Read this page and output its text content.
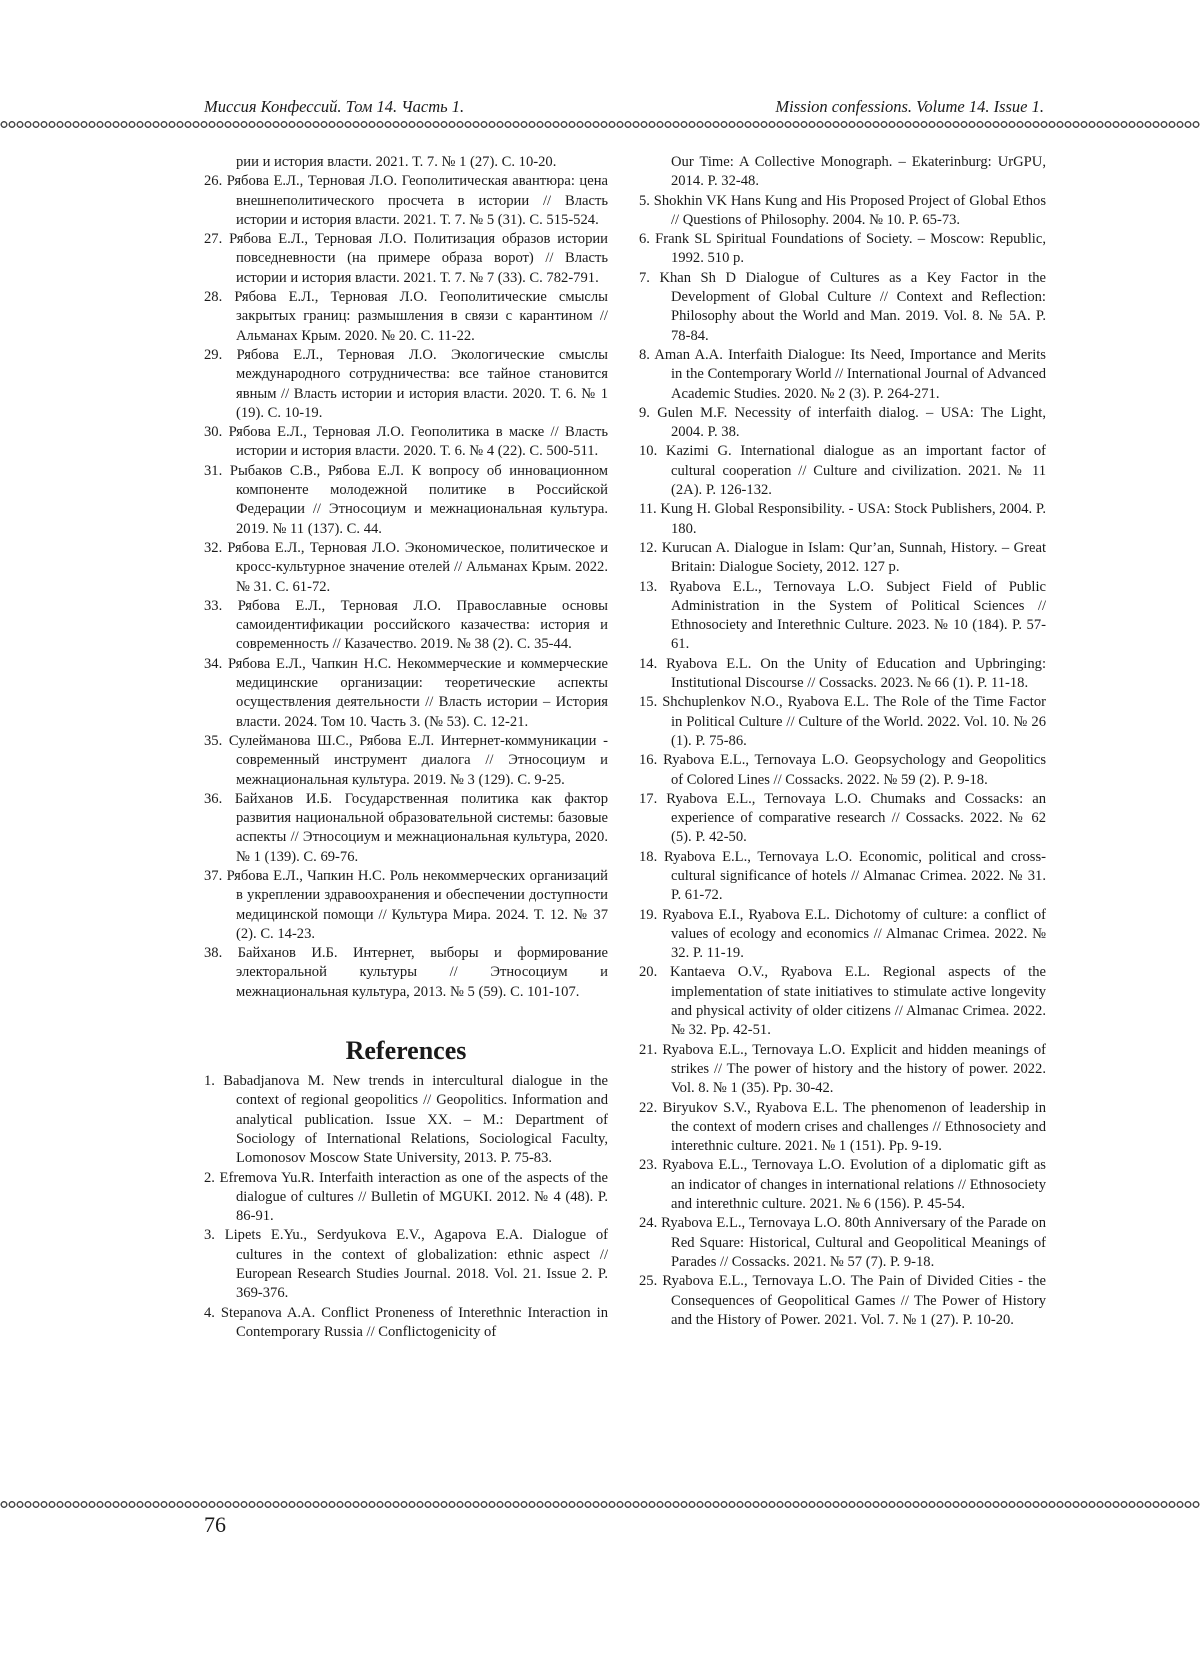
Миссия Конфессий. Том 14. Часть 1.	Mission confessions. Volume 14. Issue 1.

рии и история власти. 2021. Т. 7. № 1 (27). С. 10-20.

26. Рябова Е.Л., Терновая Л.О. Геополитическая авантюра: цена внешнеполитического просчета в истории // Власть истории и история власти. 2021. Т. 7. № 5 (31). С. 515-524.

27. Рябова Е.Л., Терновая Л.О. Политизация образов истории повседневности (на примере образа ворот) // Власть истории и история власти. 2021. Т. 7. № 7 (33). С. 782-791.

28. Рябова Е.Л., Терновая Л.О. Геополитические смыслы закрытых границ: размышления в связи с карантином // Альманах Крым. 2020. № 20. С. 11-22.

29. Рябова Е.Л., Терновая Л.О. Экологические смыслы международного сотрудничества: все тайное становится явным // Власть истории и история власти. 2020. Т. 6. № 1 (19). С. 10-19.

30. Рябова Е.Л., Терновая Л.О. Геополитика в маске // Власть истории и история власти. 2020. Т. 6. № 4 (22). С. 500-511.

31. Рыбаков С.В., Рябова Е.Л. К вопросу об инновационном компоненте молодежной политике в Российской Федерации // Этносоциум и межнациональная культура. 2019. № 11 (137). С. 44.

32. Рябова Е.Л., Терновая Л.О. Экономическое, политическое и кросс-культурное значение отелей // Альманах Крым. 2022. № 31. С. 61-72.

33. Рябова Е.Л., Терновая Л.О. Православные основы самоидентификации российского казачества: история и современность // Казачество. 2019. № 38 (2). С. 35-44.

34. Рябова Е.Л., Чапкин Н.С. Некоммерческие и коммерческие медицинские организации: теоретические аспекты осуществления деятельности // Власть истории – История власти. 2024. Том 10. Часть 3. (№ 53). С. 12-21.

35. Сулейманова Ш.С., Рябова Е.Л. Интернет-коммуникации - современный инструмент диалога // Этносоциум и межнациональная культура. 2019. № 3 (129). С. 9-25.

36. Байханов И.Б. Государственная политика как фактор развития национальной образовательной системы: базовые аспекты // Этносоциум и межнациональная культура, 2020. № 1 (139). С. 69-76.

37. Рябова Е.Л., Чапкин Н.С. Роль некоммерческих организаций в укреплении здравоохранения и обеспечении доступности медицинской помощи // Культура Мира. 2024. Т. 12. № 37 (2). С. 14-23.

38. Байханов И.Б. Интернет, выборы и формирование электоральной культуры // Этносоциум и межнациональная культура, 2013. № 5 (59). С. 101-107.

References

1. Babadjanova M. New trends in intercultural dialogue in the context of regional geopolitics // Geopolitics. Information and analytical publication. Issue XX. – M.: Department of Sociology of International Relations, Sociological Faculty, Lomonosov Moscow State University, 2013. P. 75-83.

2. Efremova Yu.R. Interfaith interaction as one of the aspects of the dialogue of cultures // Bulletin of MGUKI. 2012. № 4 (48). P. 86-91.

3. Lipets E.Yu., Serdyukova E.V., Agapova E.A. Dialogue of cultures in the context of globalization: ethnic aspect // European Research Studies Journal. 2018. Vol. 21. Issue 2. P. 369-376.

4. Stepanova A.A. Conflict Proneness of Interethnic Interaction in Contemporary Russia // Conflictogenicity of

Our Time: A Collective Monograph. – Ekaterinburg: UrGPU, 2014. P. 32-48.

5. Shokhin VK Hans Kung and His Proposed Project of Global Ethos // Questions of Philosophy. 2004. № 10. P. 65-73.

6. Frank SL Spiritual Foundations of Society. – Moscow: Republic, 1992. 510 p.

7. Khan Sh D Dialogue of Cultures as a Key Factor in the Development of Global Culture // Context and Reflection: Philosophy about the World and Man. 2019. Vol. 8. № 5A. P. 78-84.

8. Aman A.A. Interfaith Dialogue: Its Need, Importance and Merits in the Contemporary World // International Journal of Advanced Academic Studies. 2020. № 2 (3). P. 264-271.

9. Gulen M.F. Necessity of interfaith dialog. – USA: The Light, 2004. P. 38.

10. Kazimi G. International dialogue as an important factor of cultural cooperation // Culture and civilization. 2021. № 11 (2A). P. 126-132.

11. Kung H. Global Responsibility. - USA: Stock Publishers, 2004. P. 180.

12. Kurucan A. Dialogue in Islam: Qur’an, Sunnah, History. – Great Britain: Dialogue Society, 2012. 127 p.

13. Ryabova E.L., Ternovaya L.O. Subject Field of Public Administration in the System of Political Sciences // Ethnosociety and Interethnic Culture. 2023. № 10 (184). P. 57-61.

14. Ryabova E.L. On the Unity of Education and Upbringing: Institutional Discourse // Cossacks. 2023. № 66 (1). P. 11-18.

15. Shchuplenkov N.O., Ryabova E.L. The Role of the Time Factor in Political Culture // Culture of the World. 2022. Vol. 10. № 26 (1). P. 75-86.

16. Ryabova E.L., Ternovaya L.O. Geopsychology and Geopolitics of Colored Lines // Cossacks. 2022. № 59 (2). P. 9-18.

17. Ryabova E.L., Ternovaya L.O. Chumaks and Cossacks: an experience of comparative research // Cossacks. 2022. № 62 (5). P. 42-50.

18. Ryabova E.L., Ternovaya L.O. Economic, political and cross-cultural significance of hotels // Almanac Crimea. 2022. № 31. P. 61-72.

19. Ryabova E.I., Ryabova E.L. Dichotomy of culture: a conflict of values of ecology and economics // Almanac Crimea. 2022. № 32. P. 11-19.

20. Kantaeva O.V., Ryabova E.L. Regional aspects of the implementation of state initiatives to stimulate active longevity and physical activity of older citizens // Almanac Crimea. 2022. № 32. Pp. 42-51.

21. Ryabova E.L., Ternovaya L.O. Explicit and hidden meanings of strikes // The power of history and the history of power. 2022. Vol. 8. № 1 (35). Pp. 30-42.

22. Biryukov S.V., Ryabova E.L. The phenomenon of leadership in the context of modern crises and challenges // Ethnosociety and interethnic culture. 2021. № 1 (151). Pp. 9-19.

23. Ryabova E.L., Ternovaya L.O. Evolution of a diplomatic gift as an indicator of changes in international relations // Ethnosociety and interethnic culture. 2021. № 6 (156). P. 45-54.

24. Ryabova E.L., Ternovaya L.O. 80th Anniversary of the Parade on Red Square: Historical, Cultural and Geopolitical Meanings of Parades // Cossacks. 2021. № 57 (7). P. 9-18.

25. Ryabova E.L., Ternovaya L.O. The Pain of Divided Cities - the Consequences of Geopolitical Games // The Power of History and the History of Power. 2021. Vol. 7. № 1 (27). P. 10-20.

76
